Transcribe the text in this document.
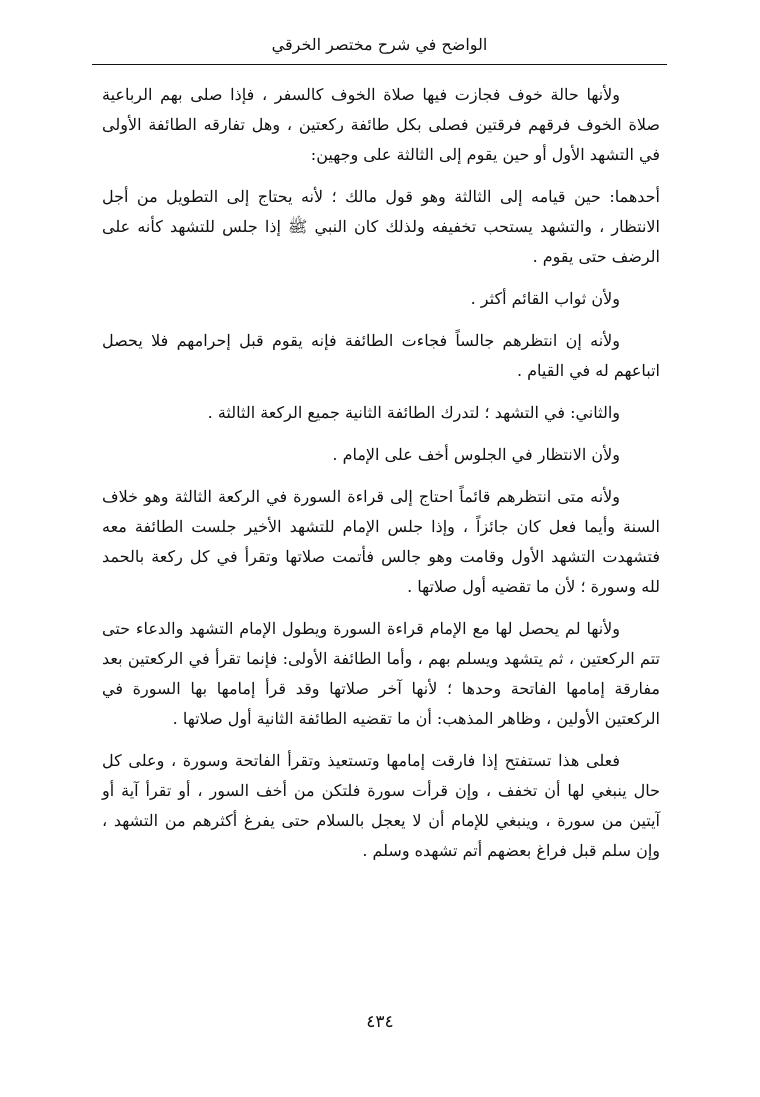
الواضح في شرح مختصر الخرقي

ولأنها حالة خوف فجازت فيها صلاة الخوف كالسفر ، فإذا صلى بهم الرباعية صلاة الخوف فرقهم فرقتين فصلى بكل طائفة ركعتين ، وهل تفارقه الطائفة الأولى في التشهد الأول أو حين يقوم إلى الثالثة على وجهين:

أحدهما: حين قيامه إلى الثالثة وهو قول مالك ؛ لأنه يحتاج إلى التطويل من أجل الانتظار ، والتشهد يستحب تخفيفه ولذلك كان النبي ﷺ إذا جلس للتشهد كأنه على الرضف حتى يقوم .

ولأن ثواب القائم أكثر .

ولأنه إن انتظرهم جالساً فجاءت الطائفة فإنه يقوم قبل إحرامهم فلا يحصل اتباعهم له في القيام .

والثاني: في التشهد ؛ لتدرك الطائفة الثانية جميع الركعة الثالثة .

ولأن الانتظار في الجلوس أخف على الإمام .

ولأنه متى انتظرهم قائماً احتاج إلى قراءة السورة في الركعة الثالثة وهو خلاف السنة وأيما فعل كان جائزاً ، وإذا جلس الإمام للتشهد الأخير جلست الطائفة معه فتشهدت التشهد الأول وقامت وهو جالس فأتمت صلاتها وتقرأ في كل ركعة بالحمد لله وسورة ؛ لأن ما تقضيه أول صلاتها .

ولأنها لم يحصل لها مع الإمام قراءة السورة ويطول الإمام التشهد والدعاء حتى تتم الركعتين ، ثم يتشهد ويسلم بهم ، وأما الطائفة الأولى: فإنما تقرأ في الركعتين بعد مفارقة إمامها الفاتحة وحدها ؛ لأنها آخر صلاتها وقد قرأ إمامها بها السورة في الركعتين الأولين ، وظاهر المذهب: أن ما تقضيه الطائفة الثانية أول صلاتها .

فعلى هذا تستفتح إذا فارقت إمامها وتستعيذ وتقرأ الفاتحة وسورة ، وعلى كل حال ينبغي لها أن تخفف ، وإن قرأت سورة فلتكن من أخف السور ، أو تقرأ آية أو آيتين من سورة ، وينبغي للإمام أن لا يعجل بالسلام حتى يفرغ أكثرهم من التشهد ، وإن سلم قبل فراغ بعضهم أتم تشهده وسلم .

٤٣٤
